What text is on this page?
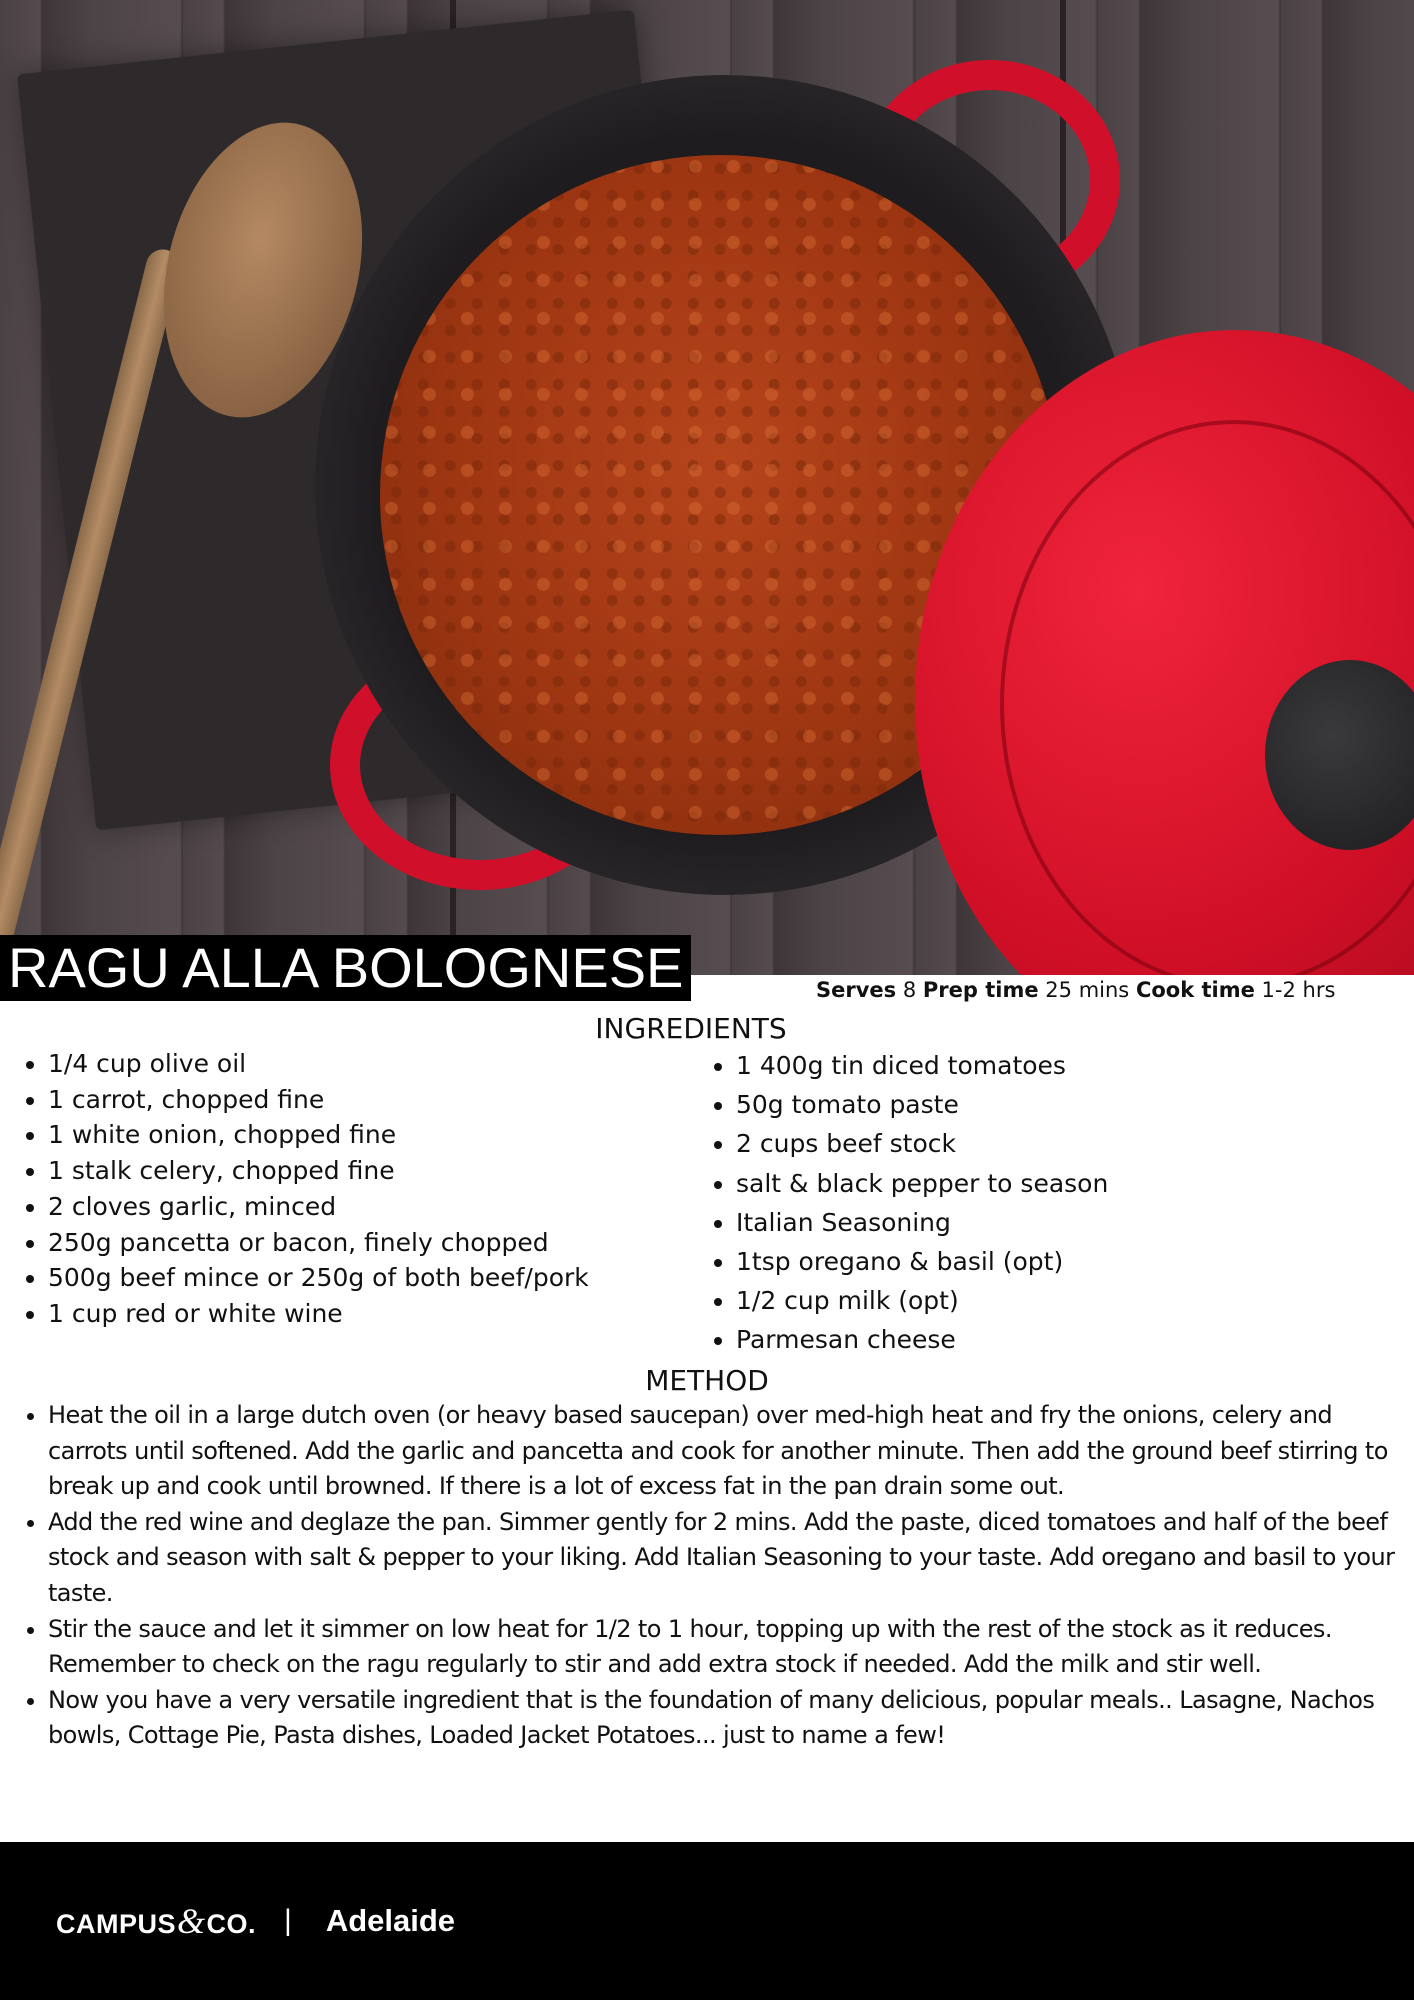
RAGU ALLA BOLOGNESE	Serves 8 Prep time 25 mins Cook time 1-2 hrs
INGREDIENTS
• 1/4 cup olive oil
• 1 carrot, chopped fine
• 1 white onion, chopped fine
• 1 stalk celery, chopped fine
• 2 cloves garlic, minced
• 250g pancetta or bacon, finely chopped
• 500g beef mince or 250g of both beef/pork
• 1 cup red or white wine
• 1 400g tin diced tomatoes
• 50g tomato paste
• 2 cups beef stock
• salt & black pepper to season
• Italian Seasoning
• 1tsp oregano & basil (opt)
• 1/2 cup milk (opt)
• Parmesan cheese
METHOD
• Heat the oil in a large dutch oven (or heavy based saucepan) over med-high heat and fry the onions, celery and carrots until softened. Add the garlic and pancetta and cook for another minute. Then add the ground beef stirring to break up and cook until browned. If there is a lot of excess fat in the pan drain some out.
• Add the red wine and deglaze the pan. Simmer gently for 2 mins. Add the paste, diced tomatoes and half of the beef stock and season with salt & pepper to your liking. Add Italian Seasoning to your taste. Add oregano and basil to your taste.
• Stir the sauce and let it simmer on low heat for 1/2 to 1 hour, topping up with the rest of the stock as it reduces. Remember to check on the ragu regularly to stir and add extra stock if needed. Add the milk and stir well.
• Now you have a very versatile ingredient that is the foundation of many delicious, popular meals.. Lasagne, Nachos bowls, Cottage Pie, Pasta dishes, Loaded Jacket Potatoes... just to name a few!
CAMPUS & CO. | Adelaide
